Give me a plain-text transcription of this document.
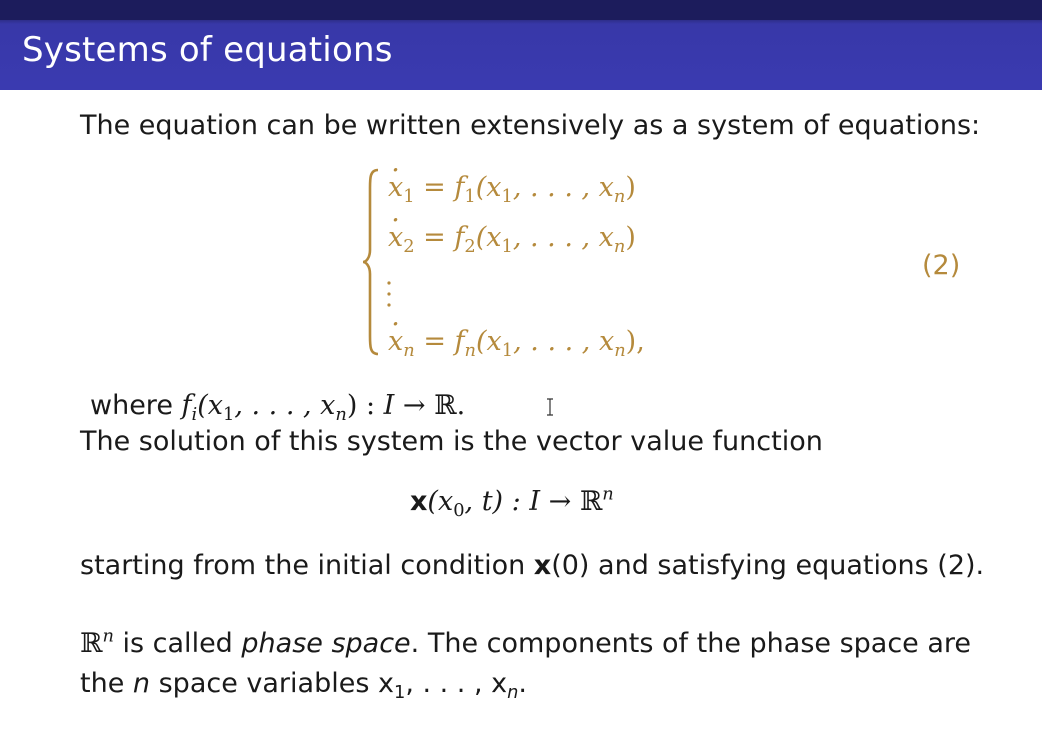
Systems of equations
The equation can be written extensively as a system of equations:
· $x_1 = f_1(x_1$, . . . , $x_n$)
· $x_2 = f_2(x_1$, . . . , $x_n$)
· $x_n = f_n(x_1$, . . . , $x_n$),
(2)
where $f_i(x_1$, . . . , $x_n$) : I → ℝ.
The solution of this system is the vector value function
$x(x_0$, t) : I → ℝ$^n$
starting from the initial condition x(0) and satisfying equations (2).
ℝ$^n$ is called phase space. The components of the phase space are
the n space variables $x_1$, . . . , $x_n$.
